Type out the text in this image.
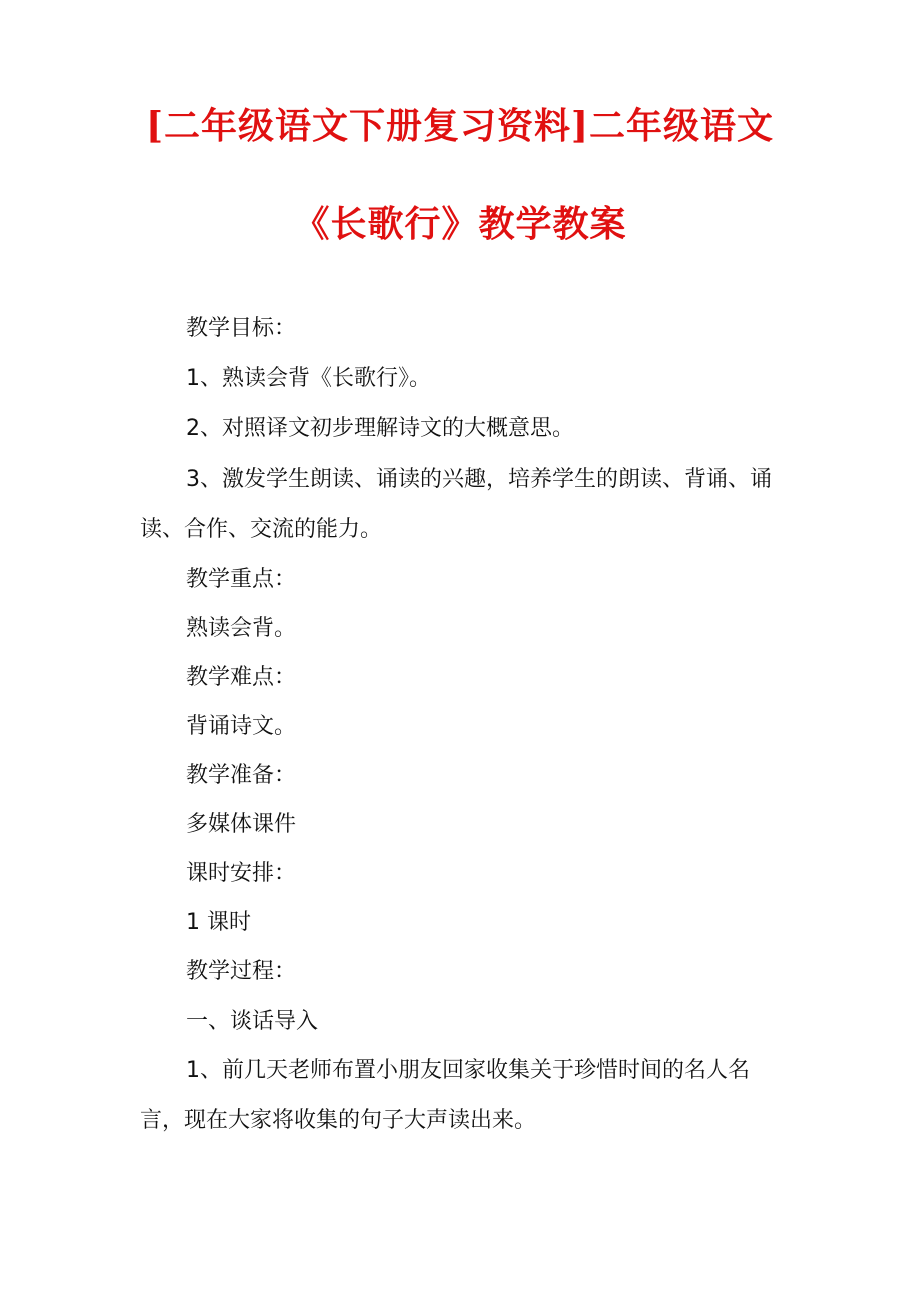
[二年级语文下册复习资料]二年级语文
《长歌行》教学教案
教学目标：
1、熟读会背《长歌行》。
2、对照译文初步理解诗文的大概意思。
3、激发学生朗读、诵读的兴趣，培养学生的朗读、背诵、诵
读、合作、交流的能力。
教学重点：
熟读会背。
教学难点：
背诵诗文。
教学准备：
多媒体课件
课时安排：
1 课时
教学过程：
一、谈话导入
1、前几天老师布置小朋友回家收集关于珍惜时间的名人名
言，现在大家将收集的句子大声读出来。
